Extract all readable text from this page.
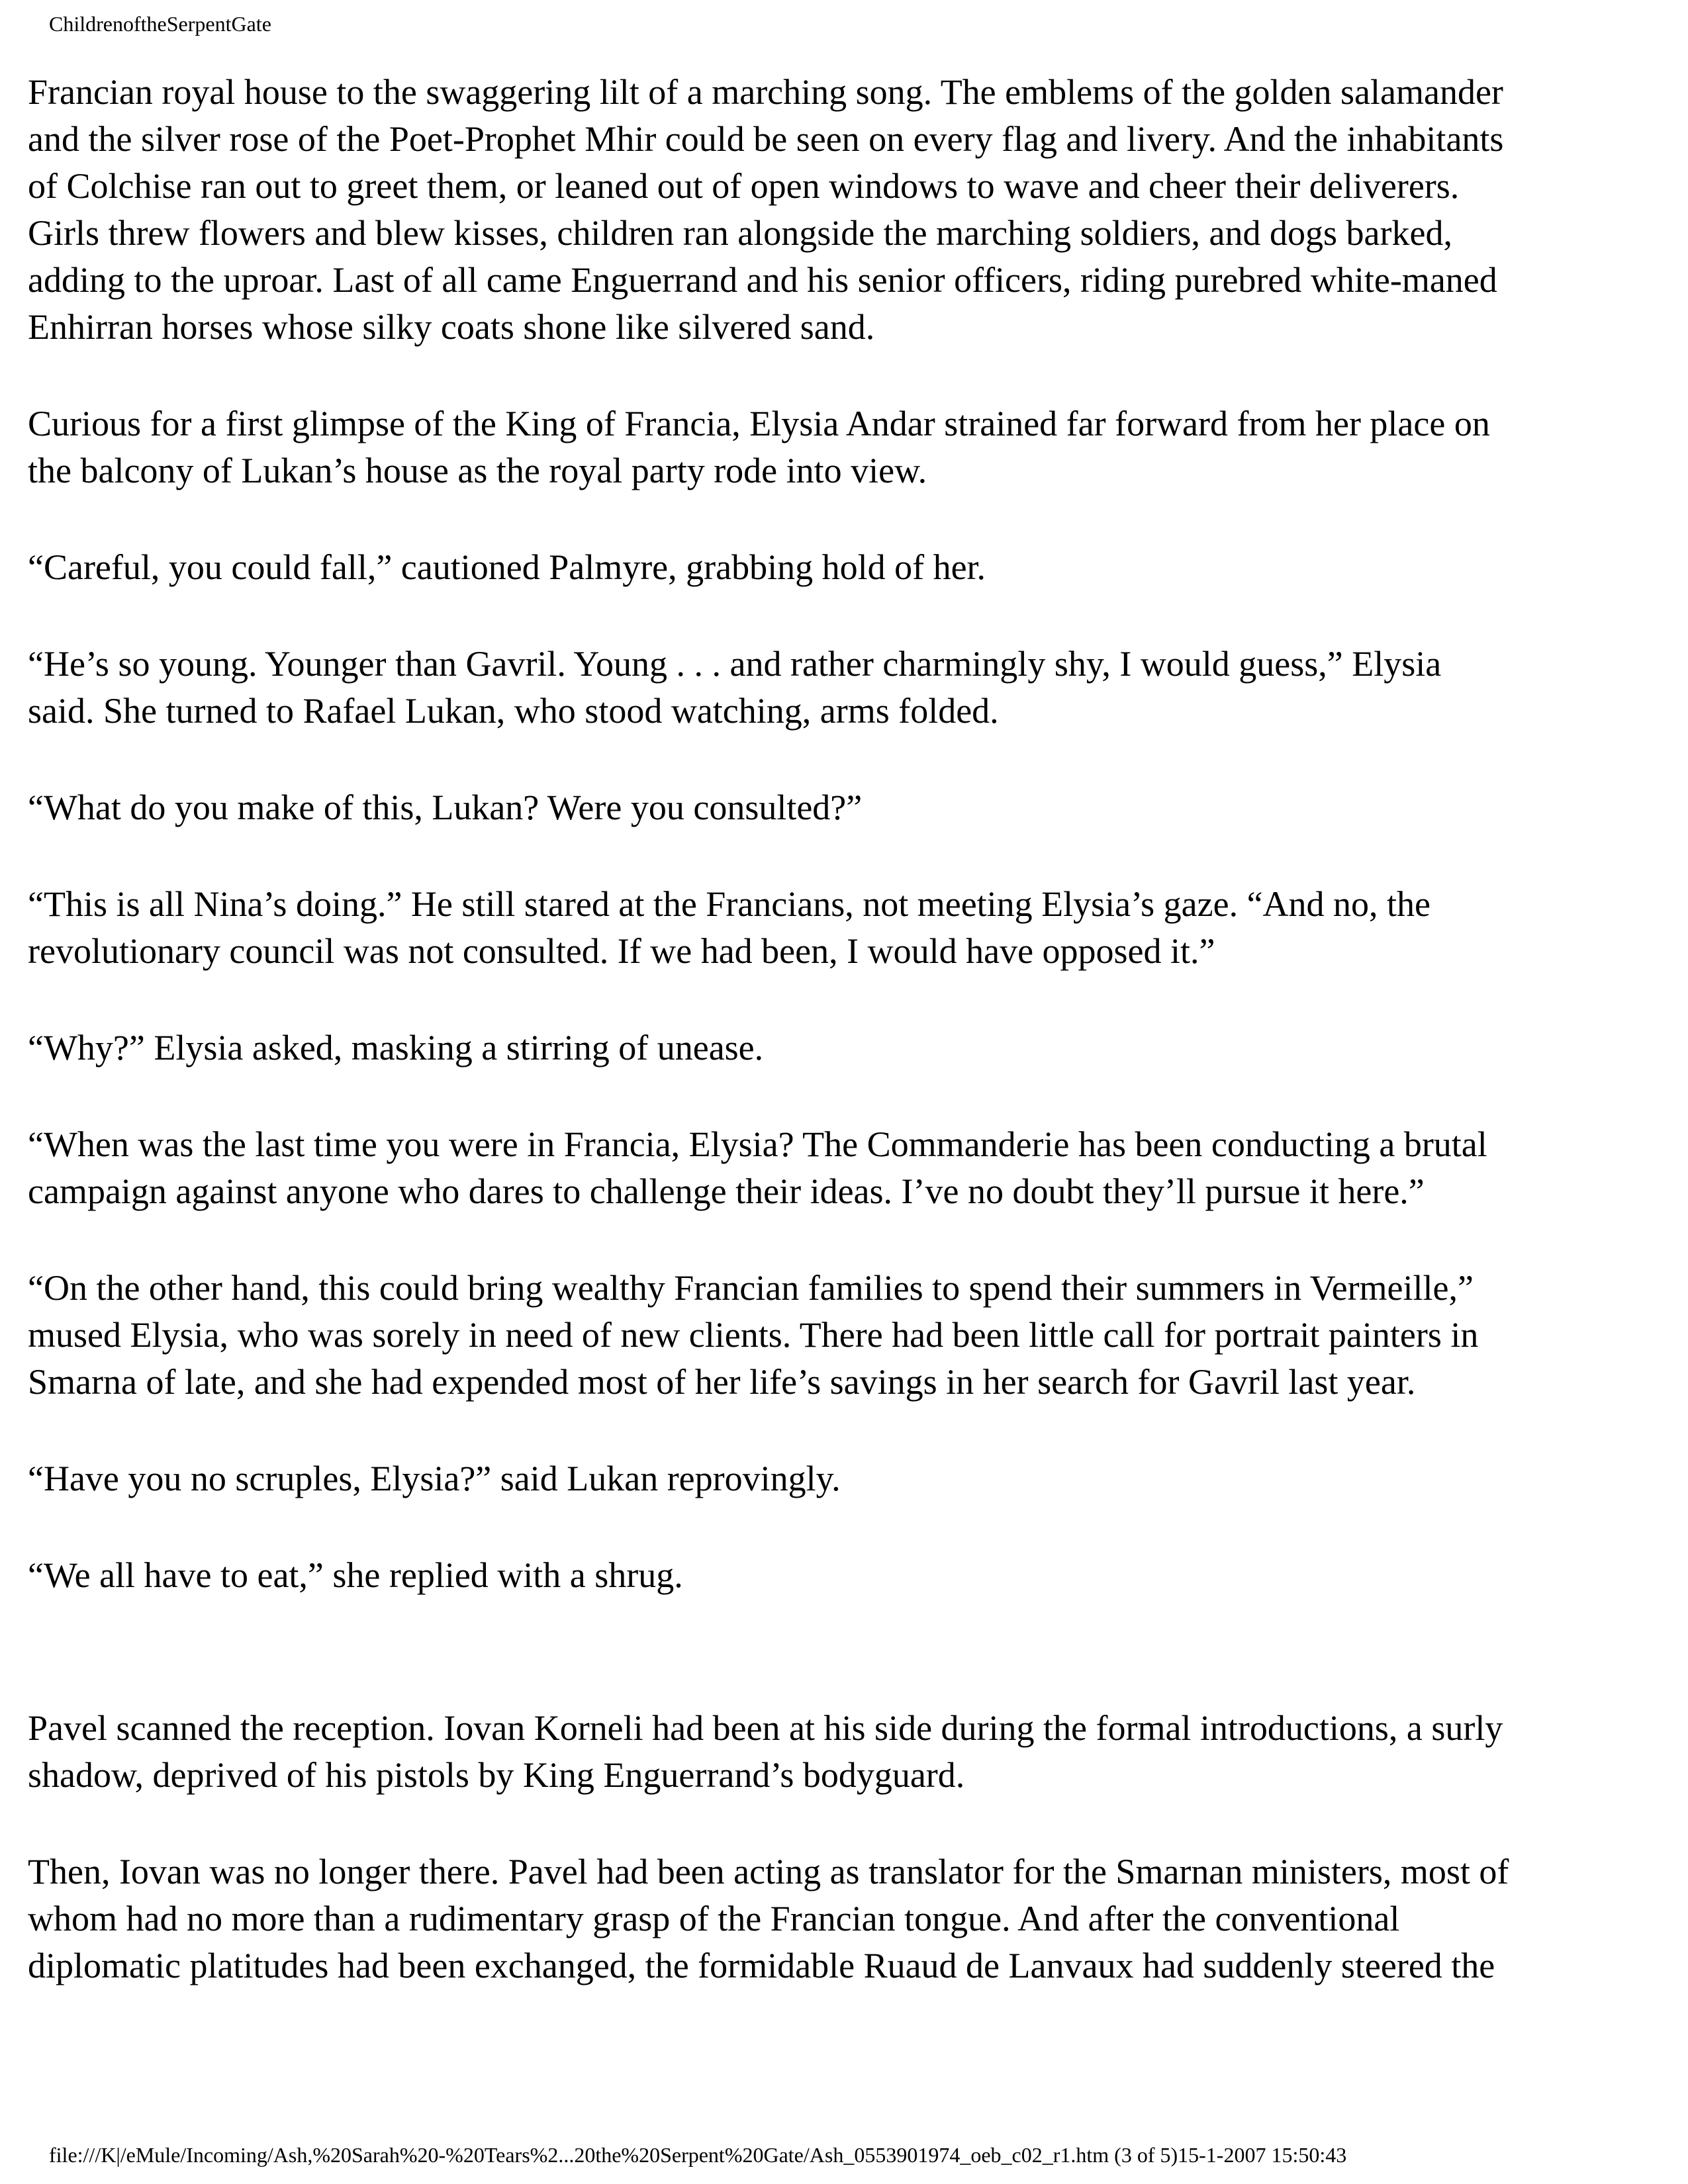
ChildrenoftheSerpentGate

Francian royal house to the swaggering lilt of a marching song. The emblems of the golden salamander
and the silver rose of the Poet-Prophet Mhir could be seen on every flag and livery. And the inhabitants
of Colchise ran out to greet them, or leaned out of open windows to wave and cheer their deliverers.
Girls threw flowers and blew kisses, children ran alongside the marching soldiers, and dogs barked,
adding to the uproar. Last of all came Enguerrand and his senior officers, riding purebred white-maned
Enhirran horses whose silky coats shone like silvered sand.

Curious for a first glimpse of the King of Francia, Elysia Andar strained far forward from her place on
the balcony of Lukan’s house as the royal party rode into view.

“Careful, you could fall,” cautioned Palmyre, grabbing hold of her.

“He’s so young. Younger than Gavril. Young . . . and rather charmingly shy, I would guess,” Elysia
said. She turned to Rafael Lukan, who stood watching, arms folded.

“What do you make of this, Lukan? Were you consulted?”

“This is all Nina’s doing.” He still stared at the Francians, not meeting Elysia’s gaze. “And no, the
revolutionary council was not consulted. If we had been, I would have opposed it.”

“Why?” Elysia asked, masking a stirring of unease.

“When was the last time you were in Francia, Elysia? The Commanderie has been conducting a brutal
campaign against anyone who dares to challenge their ideas. I’ve no doubt they’ll pursue it here.”

“On the other hand, this could bring wealthy Francian families to spend their summers in Vermeille,”
mused Elysia, who was sorely in need of new clients. There had been little call for portrait painters in
Smarna of late, and she had expended most of her life’s savings in her search for Gavril last year.

“Have you no scruples, Elysia?” said Lukan reprovingly.

“We all have to eat,” she replied with a shrug.

Pavel scanned the reception. Iovan Korneli had been at his side during the formal introductions, a surly
shadow, deprived of his pistols by King Enguerrand’s bodyguard.

Then, Iovan was no longer there. Pavel had been acting as translator for the Smarnan ministers, most of
whom had no more than a rudimentary grasp of the Francian tongue. And after the conventional
diplomatic platitudes had been exchanged, the formidable Ruaud de Lanvaux had suddenly steered the

file:///K|/eMule/Incoming/Ash,%20Sarah%20-%20Tears%2...20the%20Serpent%20Gate/Ash_0553901974_oeb_c02_r1.htm (3 of 5)15-1-2007 15:50:43
